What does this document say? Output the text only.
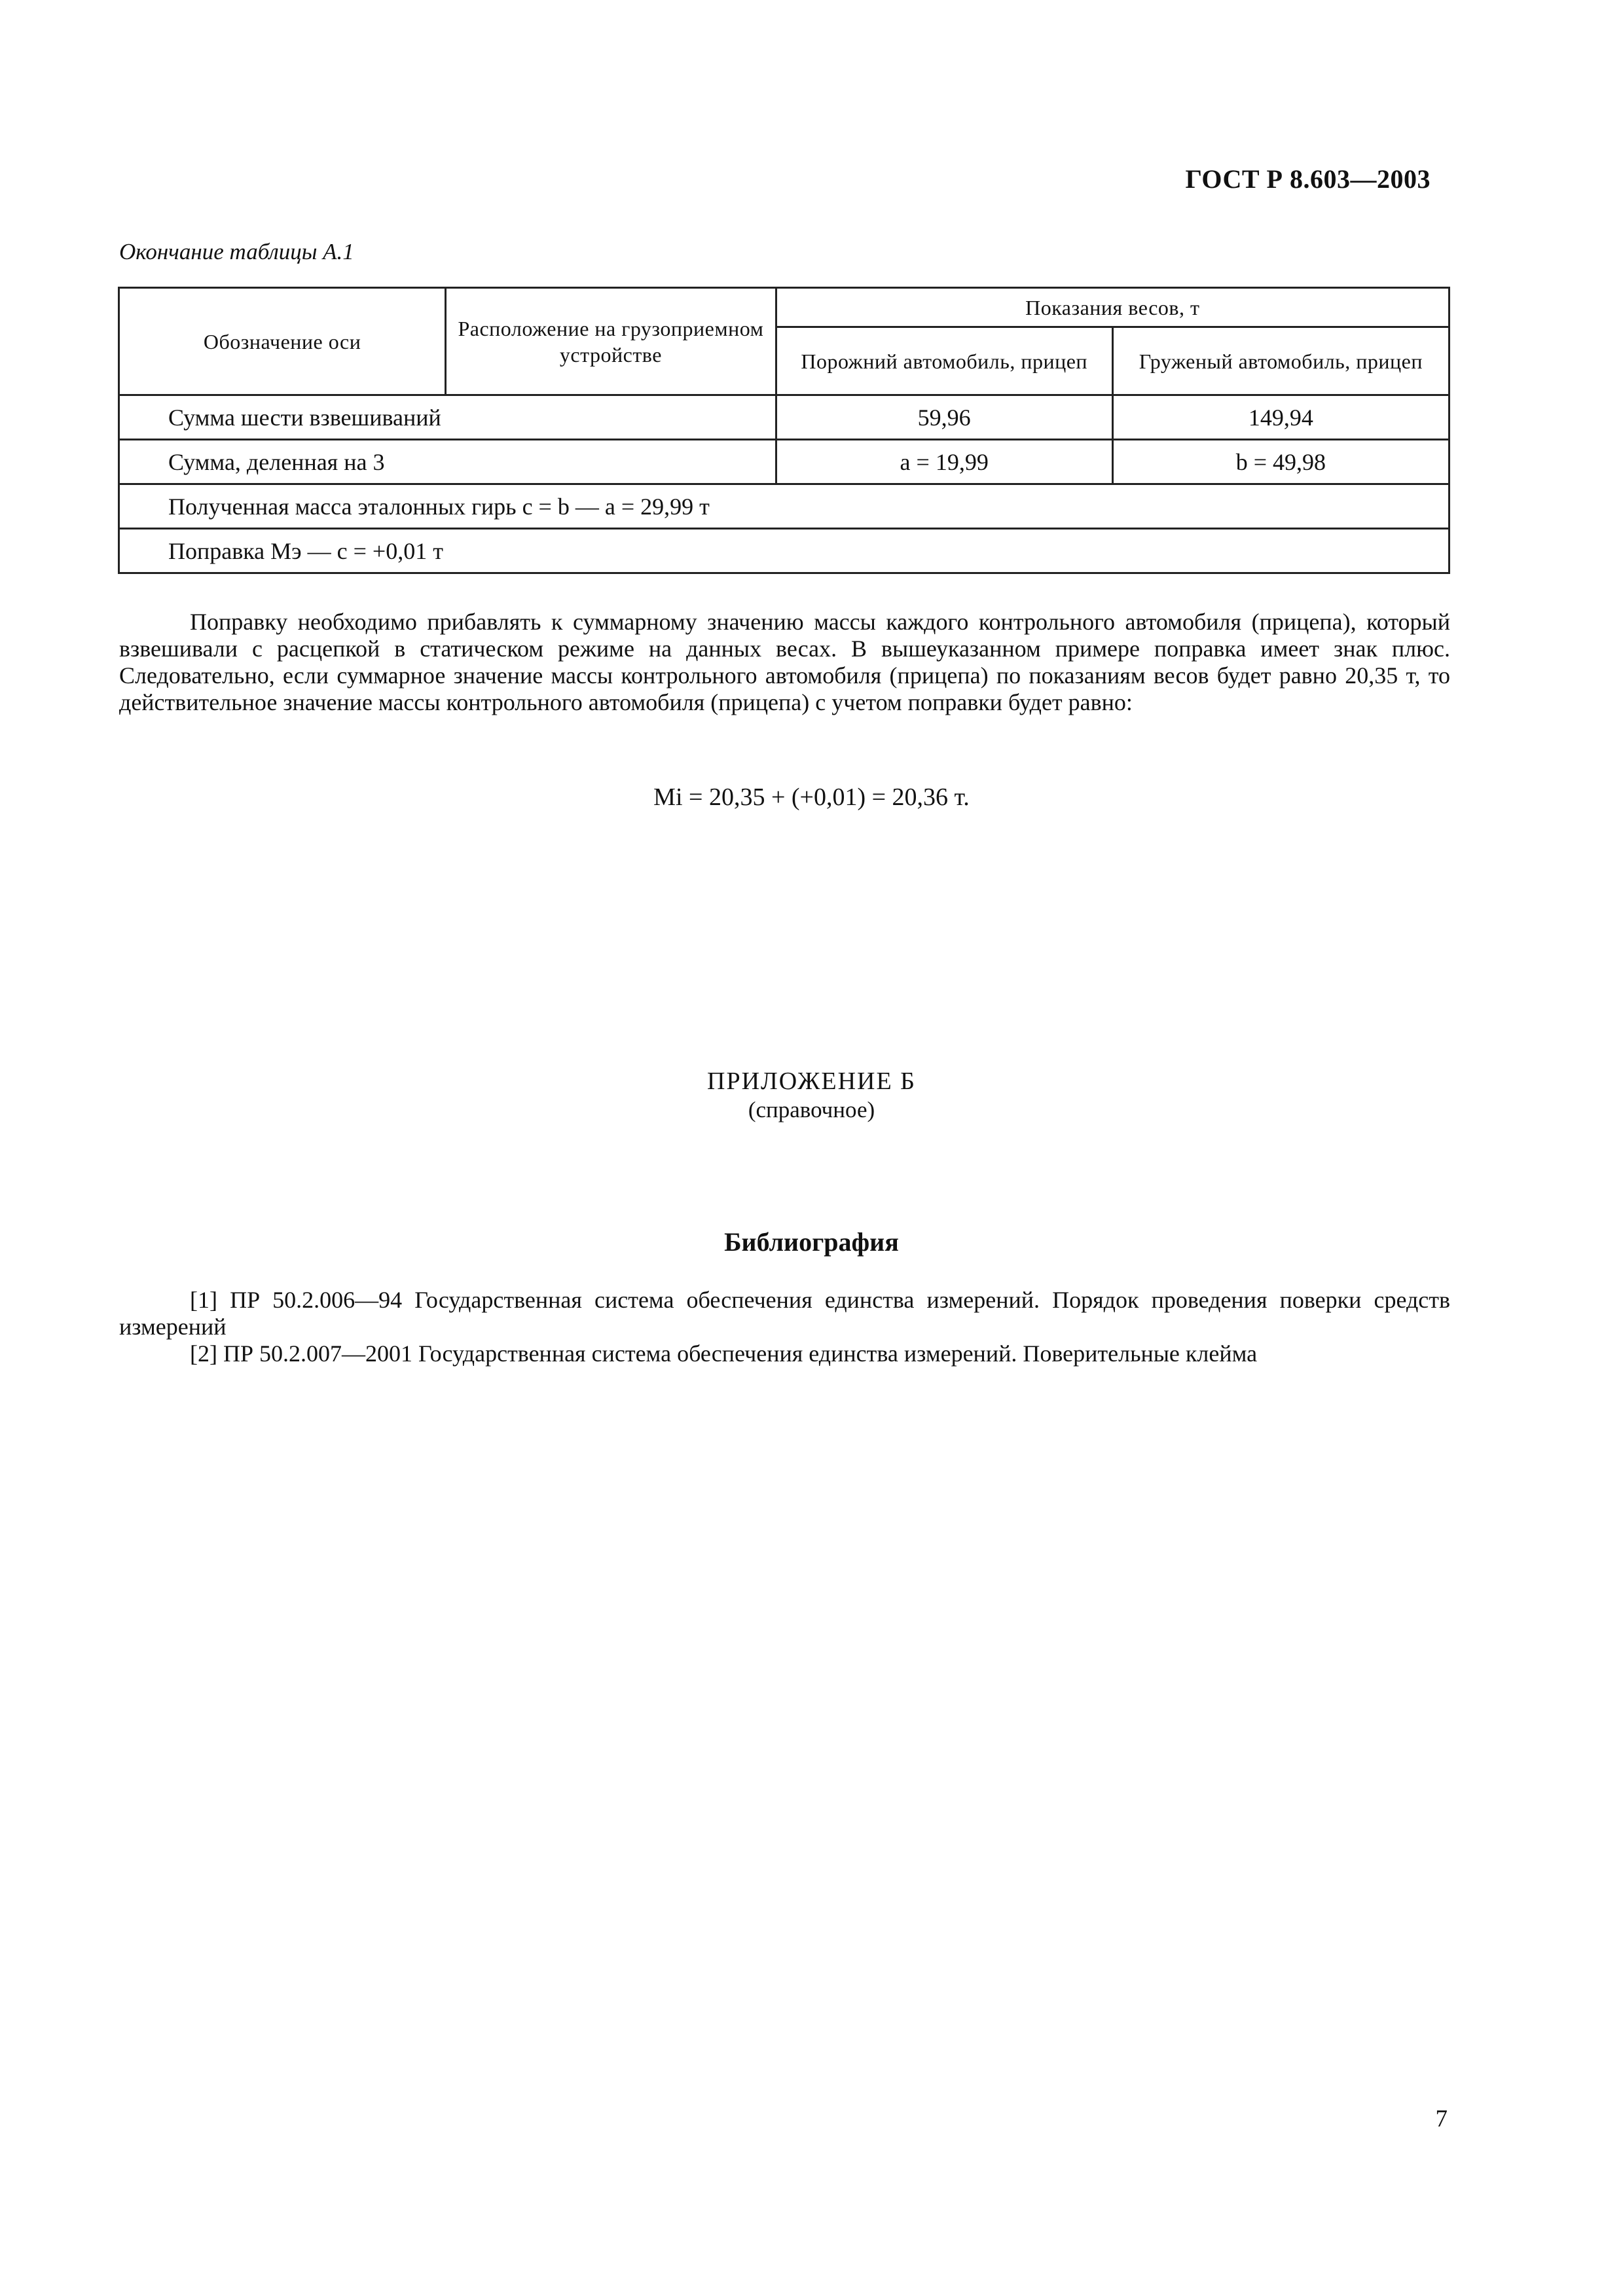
ГОСТ Р 8.603—2003
Окончание таблицы А.1
Обозначение оси	Расположение на грузоприемном устройстве	Показания весов, т	
		Порожний автомобиль, прицеп	Груженый автомобиль, прицеп
Сумма шести взвешиваний		59,96	149,94
Сумма, деленная на 3		a = 19,99	b = 49,98
Полученная масса эталонных гирь c = b — a = 29,99 т			
Поправка Mэ — c = +0,01 т			

Поправку необходимо прибавлять к суммарному значению массы каждого контрольного автомобиля (прицепа), который взвешивали с расцепкой в статическом режиме на данных весах. В вышеуказанном примере поправка имеет знак плюс. Следовательно, если суммарное значение массы контрольного автомобиля (прицепа) по показаниям весов будет равно 20,35 т, то действительное значение массы контрольного автомобиля (прицепа) с учетом поправки будет равно:

Mi = 20,35 + (+0,01) = 20,36 т.
ПРИЛОЖЕНИЕ Б
(справочное)
Библиография

[1] ПР 50.2.006—94 Государственная система обеспечения единства измерений. Порядок проведения поверки средств измерений

[2] ПР 50.2.007—2001 Государственная система обеспечения единства измерений. Поверительные клейма

7
